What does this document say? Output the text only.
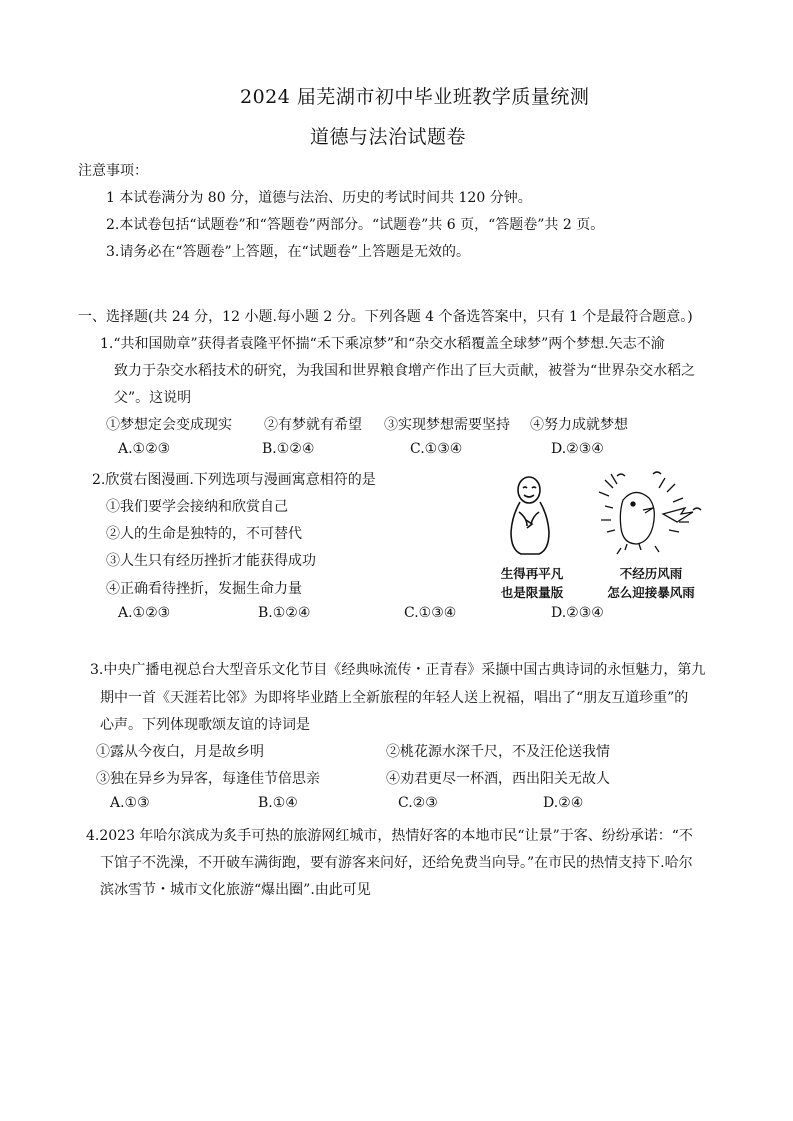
2024 届芜湖市初中毕业班教学质量统测
道德与法治试题卷
注意事项：
1 本试卷满分为 80 分，道德与法治、历史的考试时间共 120 分钟。
2.本试卷包括“试题卷”和“答题卷”两部分。“试题卷”共 6 页，“答题卷”共 2 页。
3.请务必在“答题卷”上答题，在“试题卷”上答题是无效的。
一、选择题(共 24 分，12 小题.每小题 2 分。下列各题 4 个备选答案中，只有 1 个是最符合题意。)
1.“共和国勋章”获得者袁隆平怀揣“禾下乘凉梦”和“杂交水稻覆盖全球梦”两个梦想.矢志不渝
致力于杂交水稻技术的研究，为我国和世界粮食增产作出了巨大贡献，被誉为“世界杂交水稻之
父”。这说明
①梦想定会变成现实 ②有梦就有希望 ③实现梦想需要坚持 ④努力成就梦想
A.①②③	B.①②④	C.①③④	D.②③④
2.欣赏右图漫画.下列选项与漫画寓意相符的是
①我们要学会接纳和欣赏自己
②人的生命是独特的，不可替代
③人生只有经历挫折才能获得成功
④正确看待挫折，发掘生命力量
A.①②③	B.①②④	C.①③④	D.②③④
生得再平凡
也是限量版
不经历风雨
怎么迎接暴风雨
3.中央广播电视总台大型音乐文化节目《经典咏流传・正青春》采撷中国古典诗词的永恒魅力，第九
期中一首《天涯若比邻》为即将毕业踏上全新旅程的年轻人送上祝福，唱出了“朋友互道珍重”的
心声。下列体现歌颂友谊的诗词是
①露从今夜白，月是故乡明	②桃花源水深千尺，不及汪伦送我情
③独在异乡为异客，每逢佳节倍思亲	④劝君更尽一杯酒，西出阳关无故人
A.①③	B.①④	C.②③	D.②④
4.2023 年哈尔滨成为炙手可热的旅游网红城市，热情好客的本地市民“让景”于客、纷纷承诺：“不
下馆子不洗澡，不开破车满街跑，要有游客来问好，还给免费当向导。”在市民的热情支持下.哈尔
滨冰雪节・城市文化旅游“爆出圈”.由此可见
